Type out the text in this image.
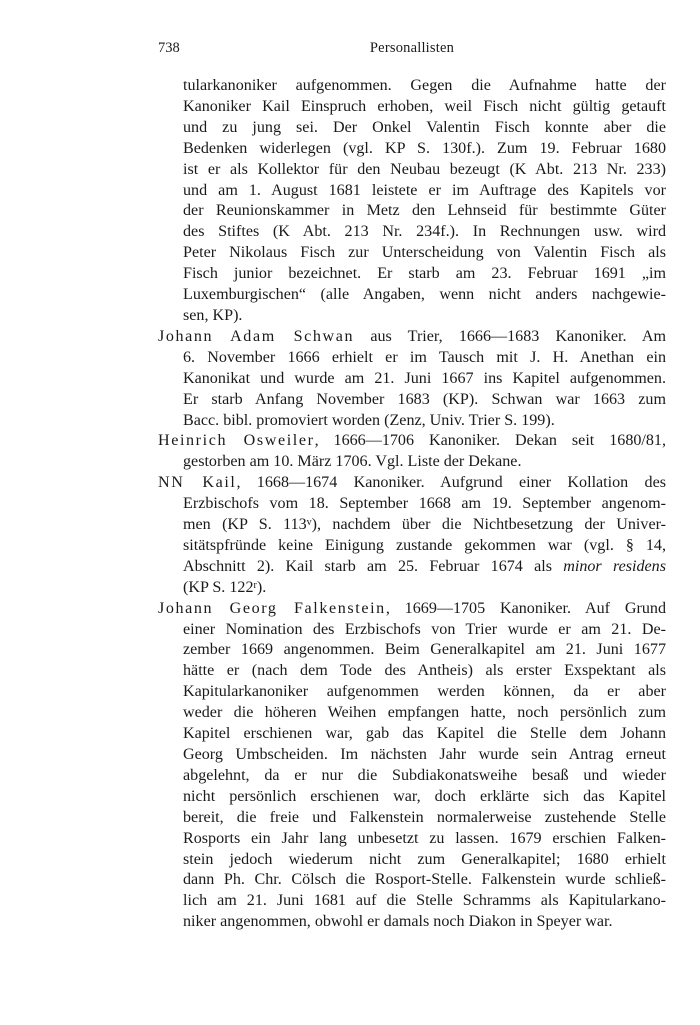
738	Personallisten
tularkanoniker aufgenommen. Gegen die Aufnahme hatte der
Kanoniker Kail Einspruch erhoben, weil Fisch nicht gültig getauft
und zu jung sei. Der Onkel Valentin Fisch konnte aber die
Bedenken widerlegen (vgl. KP S. 130f.). Zum 19. Februar 1680
ist er als Kollektor für den Neubau bezeugt (K Abt. 213 Nr. 233)
und am 1. August 1681 leistete er im Auftrage des Kapitels vor
der Reunionskammer in Metz den Lehnseid für bestimmte Güter
des Stiftes (K Abt. 213 Nr. 234f.). In Rechnungen usw. wird
Peter Nikolaus Fisch zur Unterscheidung von Valentin Fisch als
Fisch junior bezeichnet. Er starb am 23. Februar 1691 „im
Luxemburgischen“ (alle Angaben, wenn nicht anders nachgewie-
sen, KP).
Johann Adam Schwan aus Trier, 1666—1683 Kanoniker. Am
6. November 1666 erhielt er im Tausch mit J. H. Anethan ein
Kanonikat und wurde am 21. Juni 1667 ins Kapitel aufgenommen.
Er starb Anfang November 1683 (KP). Schwan war 1663 zum
Bacc. bibl. promoviert worden (Zenz, Univ. Trier S. 199).
Heinrich Osweiler, 1666—1706 Kanoniker. Dekan seit 1680/81,
gestorben am 10. März 1706. Vgl. Liste der Dekane.
NN Kail, 1668—1674 Kanoniker. Aufgrund einer Kollation des
Erzbischofs vom 18. September 1668 am 19. September angenom-
men (KP S. 113$^v$), nachdem über die Nichtbesetzung der Univer-
sitätspfründe keine Einigung zustande gekommen war (vgl. § 14,
Abschnitt 2). Kail starb am 25. Februar 1674 als minor residens
(KP S. 122$^r$).
Johann Georg Falkenstein, 1669—1705 Kanoniker. Auf Grund
einer Nomination des Erzbischofs von Trier wurde er am 21. De-
zember 1669 angenommen. Beim Generalkapitel am 21. Juni 1677
hätte er (nach dem Tode des Antheis) als erster Exspektant als
Kapitularkanoniker aufgenommen werden können, da er aber
weder die höheren Weihen empfangen hatte, noch persönlich zum
Kapitel erschienen war, gab das Kapitel die Stelle dem Johann
Georg Umbscheiden. Im nächsten Jahr wurde sein Antrag erneut
abgelehnt, da er nur die Subdiakonatsweihe besaß und wieder
nicht persönlich erschienen war, doch erklärte sich das Kapitel
bereit, die freie und Falkenstein normalerweise zustehende Stelle
Rosports ein Jahr lang unbesetzt zu lassen. 1679 erschien Falken-
stein jedoch wiederum nicht zum Generalkapitel; 1680 erhielt
dann Ph. Chr. Cölsch die Rosport-Stelle. Falkenstein wurde schließ-
lich am 21. Juni 1681 auf die Stelle Schramms als Kapitularkano-
niker angenommen, obwohl er damals noch Diakon in Speyer war.
